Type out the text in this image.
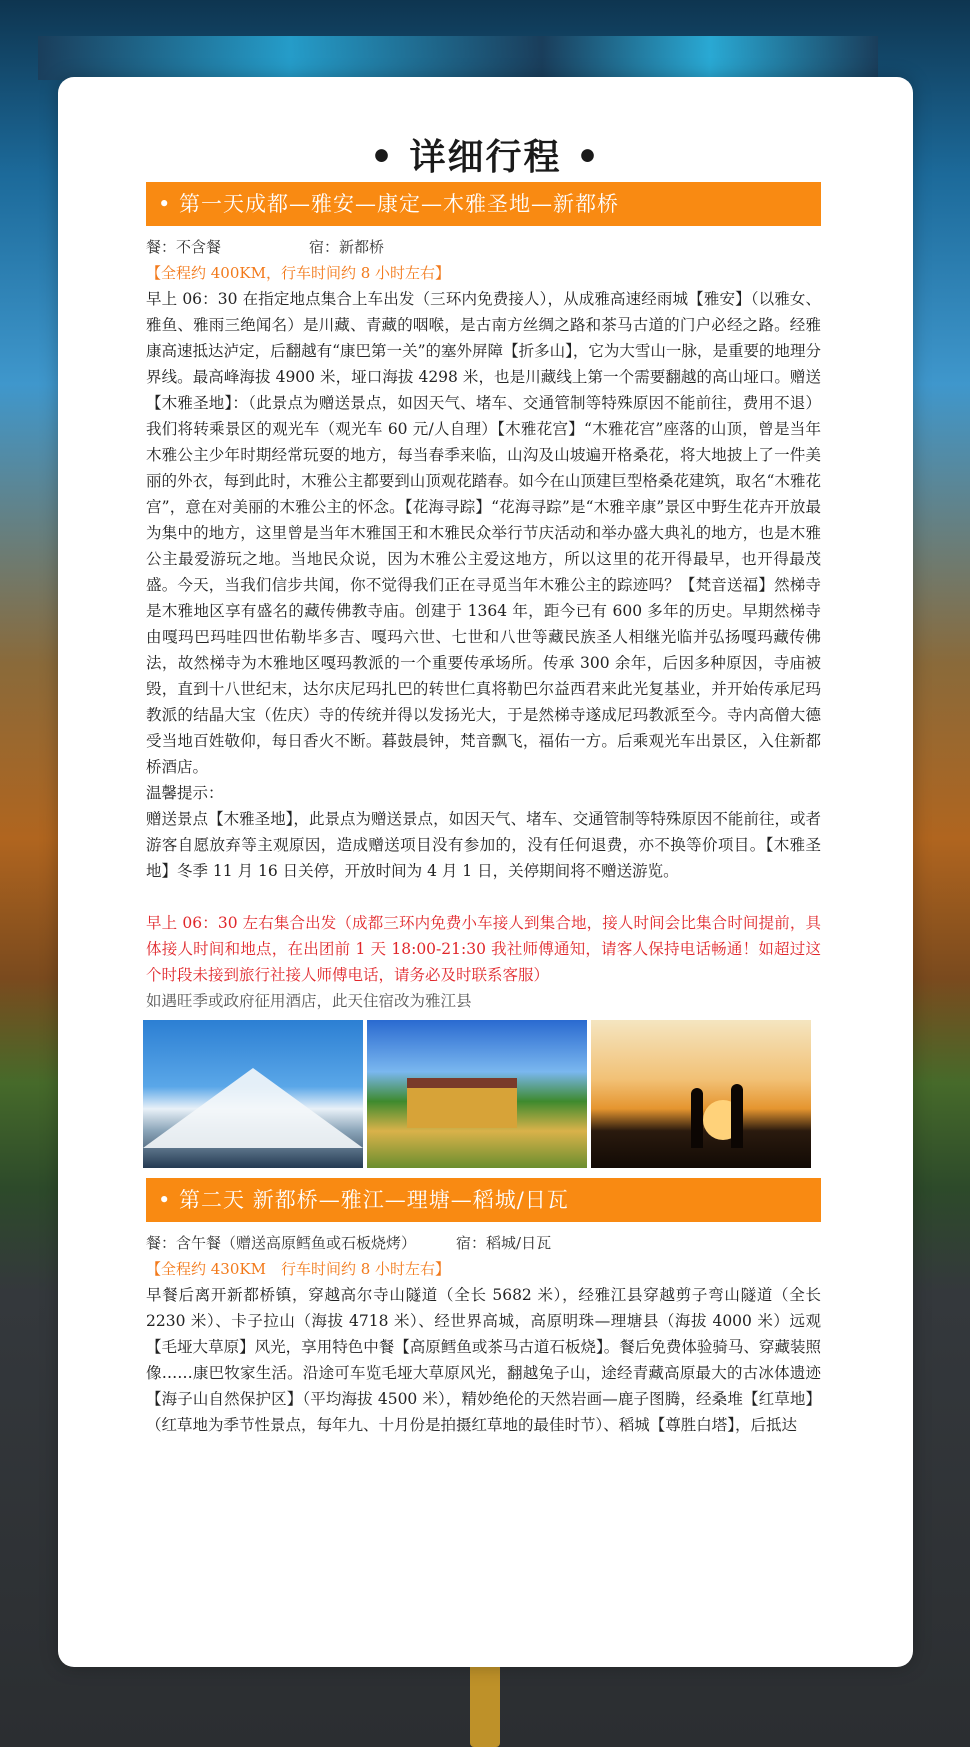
• 详细行程 •
• 第一天成都—雅安—康定—木雅圣地—新都桥
餐：不含餐	宿：新都桥
【全程约 400KM，行车时间约 8 小时左右】

早上 06：30 在指定地点集合上车出发（三环内免费接人），从成雅高速经雨城【雅安】（以雅女、雅鱼、雅雨三绝闻名）是川藏、青藏的咽喉，是古南方丝绸之路和茶马古道的门户必经之路。经雅康高速抵达泸定，后翻越有“康巴第一关”的塞外屏障【折多山】，它为大雪山一脉，是重要的地理分界线。最高峰海拔 4900 米，垭口海拔 4298 米，也是川藏线上第一个需要翻越的高山垭口。赠送【木雅圣地】：（此景点为赠送景点，如因天气、堵车、交通管制等特殊原因不能前往，费用不退）我们将转乘景区的观光车（观光车 60 元/人自理）【木雅花宫】“木雅花宫”座落的山顶，曾是当年木雅公主少年时期经常玩耍的地方，每当春季来临，山沟及山坡遍开格桑花，将大地披上了一件美丽的外衣，每到此时，木雅公主都要到山顶观花踏春。如今在山顶建巨型格桑花建筑，取名“木雅花宫”，意在对美丽的木雅公主的怀念。【花海寻踪】“花海寻踪”是“木雅辛康”景区中野生花卉开放最为集中的地方，这里曾是当年木雅国王和木雅民众举行节庆活动和举办盛大典礼的地方，也是木雅公主最爱游玩之地。当地民众说，因为木雅公主爱这地方，所以这里的花开得最早，也开得最茂盛。今天，当我们信步共闻，你不觉得我们正在寻觅当年木雅公主的踪迹吗？【梵音送福】然梯寺是木雅地区享有盛名的藏传佛教寺庙。创建于 1364 年，距今已有 600 多年的历史。早期然梯寺由嘎玛巴玛哇四世佑勒毕多吉、嘎玛六世、七世和八世等藏民族圣人相继光临并弘扬嘎玛藏传佛法，故然梯寺为木雅地区嘎玛教派的一个重要传承场所。传承 300 余年，后因多种原因，寺庙被毁，直到十八世纪末，达尔庆尼玛扎巴的转世仁真将勒巴尔益西君来此光复基业，并开始传承尼玛教派的结晶大宝（佐庆）寺的传统并得以发扬光大，于是然梯寺遂成尼玛教派至今。寺内高僧大德受当地百姓敬仰，每日香火不断。暮鼓晨钟，梵音飘飞，福佑一方。后乘观光车出景区，入住新都桥酒店。

温馨提示：

赠送景点【木雅圣地】，此景点为赠送景点，如因天气、堵车、交通管制等特殊原因不能前往，或者游客自愿放弃等主观原因，造成赠送项目没有参加的，没有任何退费，亦不换等价项目。【木雅圣地】冬季 11 月 16 日关停，开放时间为 4 月 1 日，关停期间将不赠送游览。

早上 06：30 左右集合出发（成都三环内免费小车接人到集合地，接人时间会比集合时间提前，具体接人时间和地点，在出团前 1 天 18:00-21:30 我社师傅通知，请客人保持电话畅通！如超过这个时段未接到旅行社接人师傅电话，请务必及时联系客服）
如遇旺季或政府征用酒店，此天住宿改为雅江县
• 第二天 新都桥—雅江—理塘—稻城/日瓦
餐：含午餐（赠送高原鳕鱼或石板烧烤）	宿：稻城/日瓦
【全程约 430KM　行车时间约 8 小时左右】

早餐后离开新都桥镇，穿越高尔寺山隧道（全长 5682 米），经雅江县穿越剪子弯山隧道（全长 2230 米）、卡子拉山（海拔 4718 米）、经世界高城，高原明珠—理塘县（海拔 4000 米）远观【毛垭大草原】风光，享用特色中餐【高原鳕鱼或茶马古道石板烧】。餐后免费体验骑马、穿藏装照像……康巴牧家生活。沿途可车览毛垭大草原风光，翻越兔子山，途经青藏高原最大的古冰体遗迹【海子山自然保护区】（平均海拔 4500 米），精妙绝伦的天然岩画—鹿子图腾，经桑堆【红草地】（红草地为季节性景点，每年九、十月份是拍摄红草地的最佳时节）、稻城【尊胜白塔】，后抵达
